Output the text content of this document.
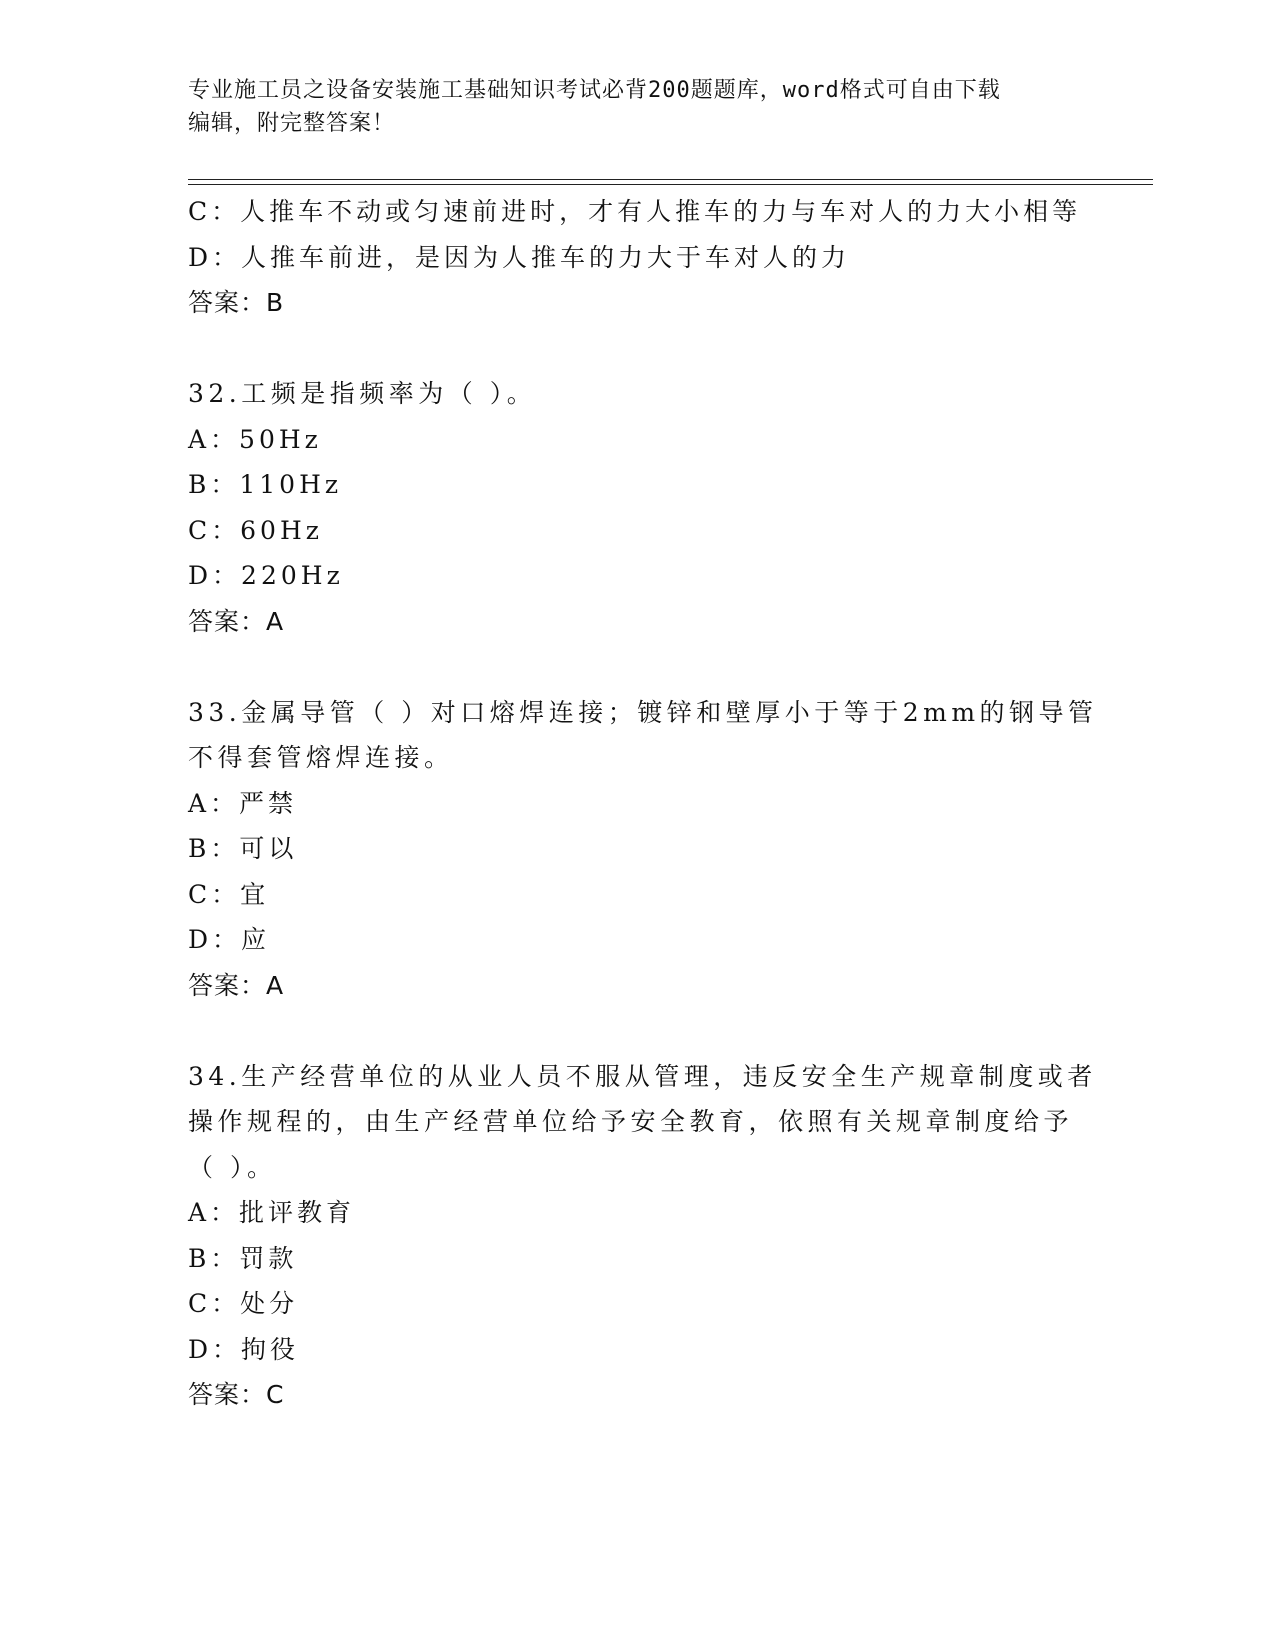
专业施工员之设备安装施工基础知识考试必背200题题库，word格式可自由下载
编辑，附完整答案！
C：人推车不动或匀速前进时，才有人推车的力与车对人的力大小相等
D：人推车前进，是因为人推车的力大于车对人的力
答案：B
32.工频是指频率为（ ）。
A：50Hz
B：110Hz
C：60Hz
D：220Hz
答案：A
33.金属导管（ ）对口熔焊连接；镀锌和壁厚小于等于2mm的钢导管
不得套管熔焊连接。
A：严禁
B：可以
C：宜
D：应
答案：A
34.生产经营单位的从业人员不服从管理，违反安全生产规章制度或者
操作规程的，由生产经营单位给予安全教育，依照有关规章制度给予
（ ）。
A：批评教育
B：罚款
C：处分
D：拘役
答案：C
